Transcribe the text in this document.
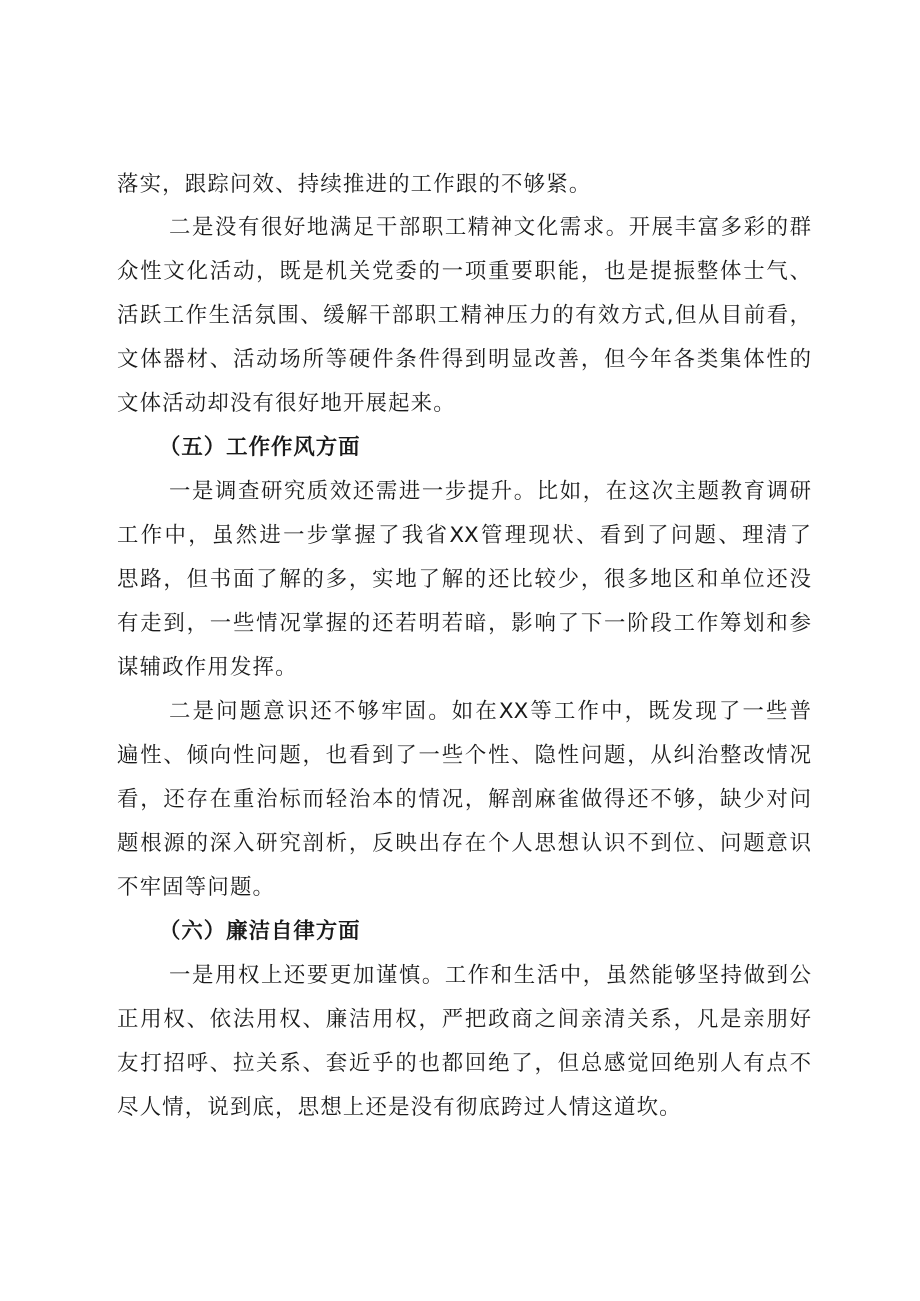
落实，跟踪问效、持续推进的工作跟的不够紧。
二是没有很好地满足干部职工精神文化需求。开展丰富多彩的群
众性文化活动，既是机关党委的一项重要职能，也是提振整体士气、
活跃工作生活氛围、缓解干部职工精神压力的有效方式,但从目前看，
文体器材、活动场所等硬件条件得到明显改善，但今年各类集体性的
文体活动却没有很好地开展起来。
（五）工作作风方面
一是调查研究质效还需进一步提升。比如，在这次主题教育调研
工作中，虽然进一步掌握了我省XX管理现状、看到了问题、理清了
思路，但书面了解的多，实地了解的还比较少，很多地区和单位还没
有走到，一些情况掌握的还若明若暗，影响了下一阶段工作筹划和参
谋辅政作用发挥。
二是问题意识还不够牢固。如在XX等工作中，既发现了一些普
遍性、倾向性问题，也看到了一些个性、隐性问题，从纠治整改情况
看，还存在重治标而轻治本的情况，解剖麻雀做得还不够，缺少对问
题根源的深入研究剖析，反映出存在个人思想认识不到位、问题意识
不牢固等问题。
（六）廉洁自律方面
一是用权上还要更加谨慎。工作和生活中，虽然能够坚持做到公
正用权、依法用权、廉洁用权，严把政商之间亲清关系，凡是亲朋好
友打招呼、拉关系、套近乎的也都回绝了，但总感觉回绝别人有点不
尽人情，说到底，思想上还是没有彻底跨过人情这道坎。
